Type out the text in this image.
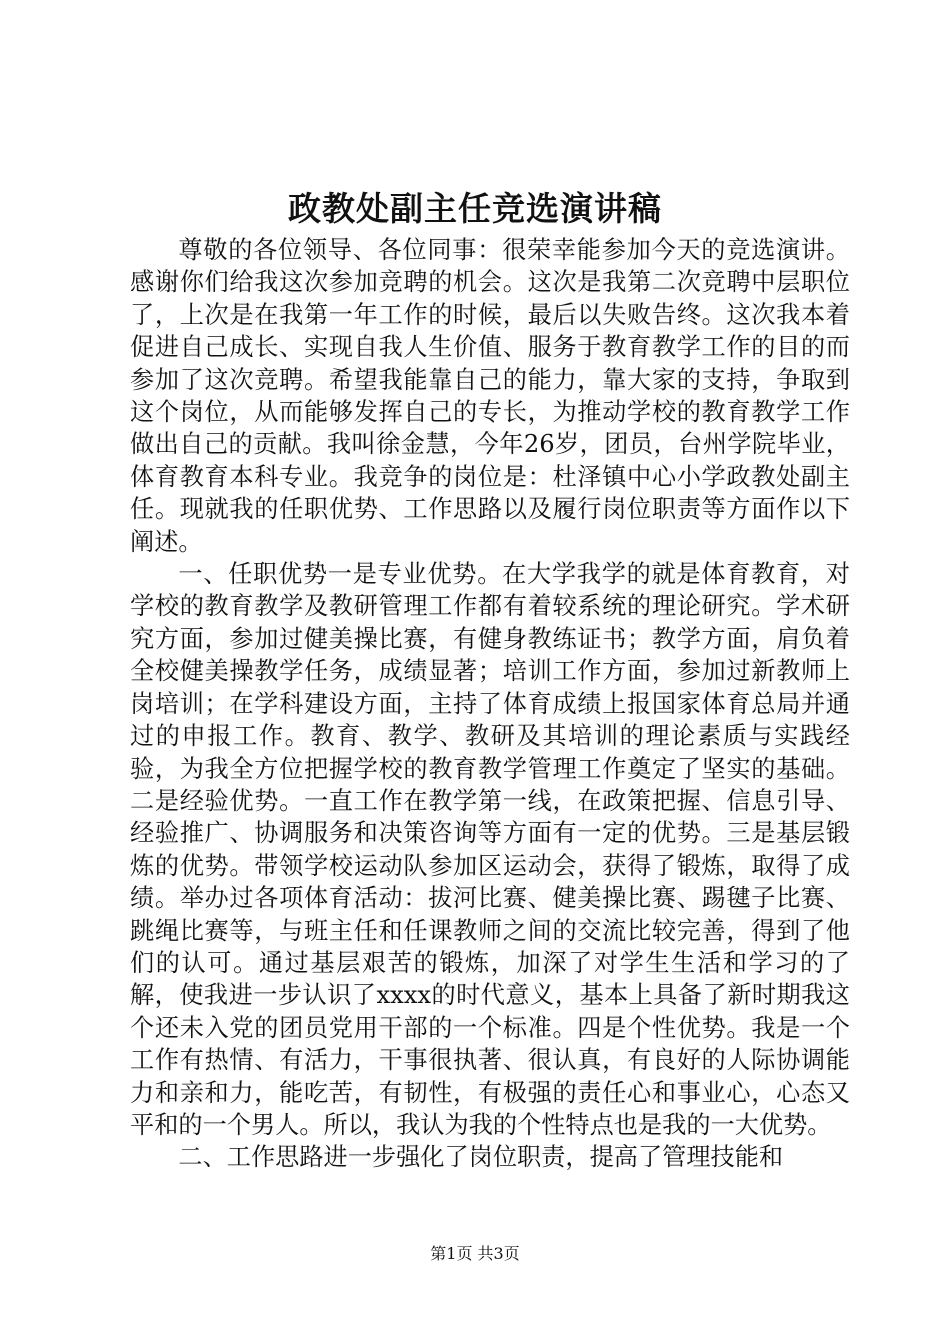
政教处副主任竞选演讲稿

尊敬的各位领导、各位同事：很荣幸能参加今天的竞选演讲。感谢你们给我这次参加竞聘的机会。这次是我第二次竞聘中层职位了，上次是在我第一年工作的时候，最后以失败告终。这次我本着促进自己成长、实现自我人生价值、服务于教育教学工作的目的而参加了这次竞聘。希望我能靠自己的能力，靠大家的支持，争取到这个岗位，从而能够发挥自己的专长，为推动学校的教育教学工作做出自己的贡献。我叫徐金慧，今年26岁，团员，台州学院毕业，体育教育本科专业。我竞争的岗位是：杜泽镇中心小学政教处副主任。现就我的任职优势、工作思路以及履行岗位职责等方面作以下阐述。

一、任职优势一是专业优势。在大学我学的就是体育教育，对学校的教育教学及教研管理工作都有着较系统的理论研究。学术研究方面，参加过健美操比赛，有健身教练证书；教学方面，肩负着全校健美操教学任务，成绩显著；培训工作方面，参加过新教师上岗培训；在学科建设方面，主持了体育成绩上报国家体育总局并通过的申报工作。教育、教学、教研及其培训的理论素质与实践经验，为我全方位把握学校的教育教学管理工作奠定了坚实的基础。二是经验优势。一直工作在教学第一线，在政策把握、信息引导、经验推广、协调服务和决策咨询等方面有一定的优势。三是基层锻炼的优势。带领学校运动队参加区运动会，获得了锻炼，取得了成绩。举办过各项体育活动：拔河比赛、健美操比赛、踢毽子比赛、跳绳比赛等，与班主任和任课教师之间的交流比较完善，得到了他们的认可。通过基层艰苦的锻炼，加深了对学生生活和学习的了解，使我进一步认识了xxxx的时代意义，基本上具备了新时期我这个还未入党的团员党用干部的一个标准。四是个性优势。我是一个工作有热情、有活力，干事很执著、很认真，有良好的人际协调能力和亲和力，能吃苦，有韧性，有极强的责任心和事业心，心态又平和的一个男人。所以，我认为我的个性特点也是我的一大优势。

二、工作思路进一步强化了岗位职责，提高了管理技能和

第1页 共3页
